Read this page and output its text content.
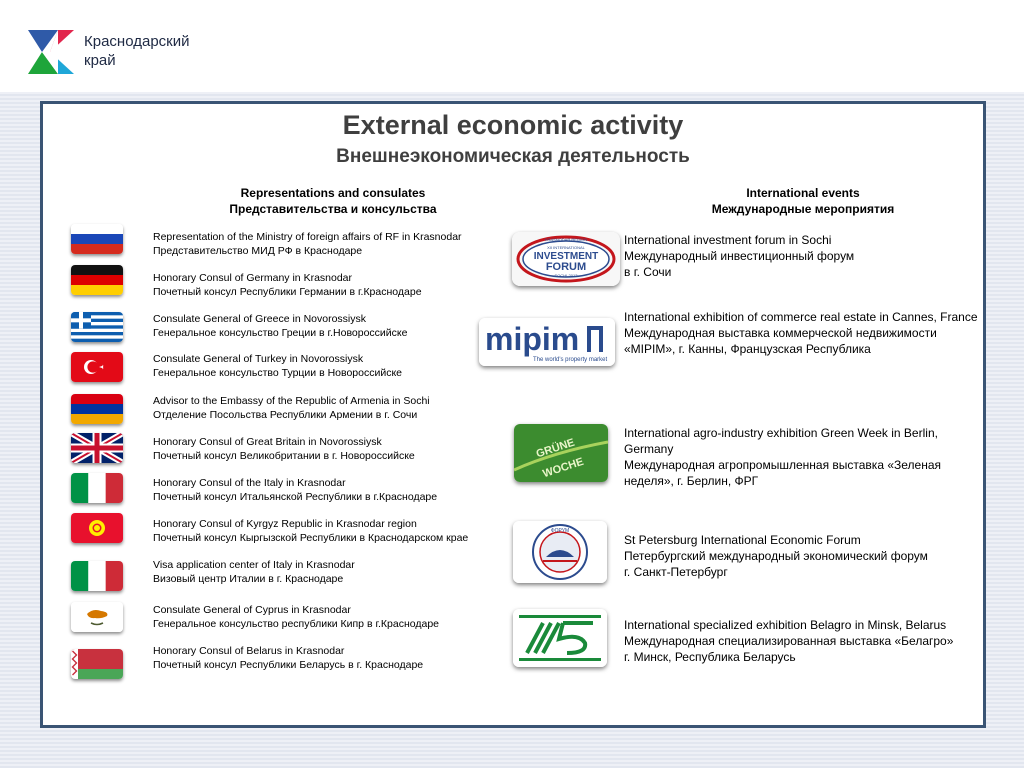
Краснодарский
край
External economic activity
Внешнеэкономическая деятельность
Representations and consulates
Представительства и консульства
International events
Международные мероприятия
Representation of the Ministry of foreign affairs of RF in Krasnodar
Представительство МИД РФ в Краснодаре
Honorary Consul of Germany in Krasnodar
Почетный консул Республики Германии в г.Краснодаре
Consulate General of Greece in Novorossiysk
Генеральное консульство Греции в г.Новороссийске
Consulate General of Turkey in Novorossiysk
Генеральное консульство Турции в Новороссийске
Advisor to the Embassy of the Republic of Armenia in Sochi
Отделение Посольства Республики Армении в г. Сочи
Honorary Consul of Great Britain in Novorossiysk
Почетный консул Великобритании в г. Новороссийске
Honorary Consul of the Italy in Krasnodar
Почетный консул Итальянской Республики в г.Краснодаре
Honorary Consul of Kyrgyz Republic in Krasnodar region
Почетный консул Кыргызской Республики в Краснодарском крае
Visa application center of Italy in Krasnodar
Визовый центр Италии в г. Краснодаре
Consulate General of Cyprus in Krasnodar
Генеральное консульство республики Кипр в г.Краснодаре
Honorary Consul of Belarus in Krasnodar
Почетный консул Республики Беларусь в г. Краснодаре
KRASNODAR REGION
XII INTERNATIONAL
INVESTMENT
FORUM
SOCHI-2013
mipim
The world's property market
GRÜNE
WOCHE
ФОРУМ
International investment forum in Sochi
Международный инвестиционный форум
в г. Сочи
International exhibition of commerce real estate in Cannes, France
Международная выставка коммерческой недвижимости «MIPIM», г. Канны, Французская Республика
International agro-industry exhibition Green Week in Berlin, Germany
Международная агропромышленная выставка «Зеленая неделя», г. Берлин, ФРГ
St Petersburg International Economic Forum
Петербургский международный экономический форум
г. Санкт-Петербург
International specialized exhibition Belagro in Minsk, Belarus
Международная специализированная выставка «Белагро»
г. Минск, Республика Беларусь
